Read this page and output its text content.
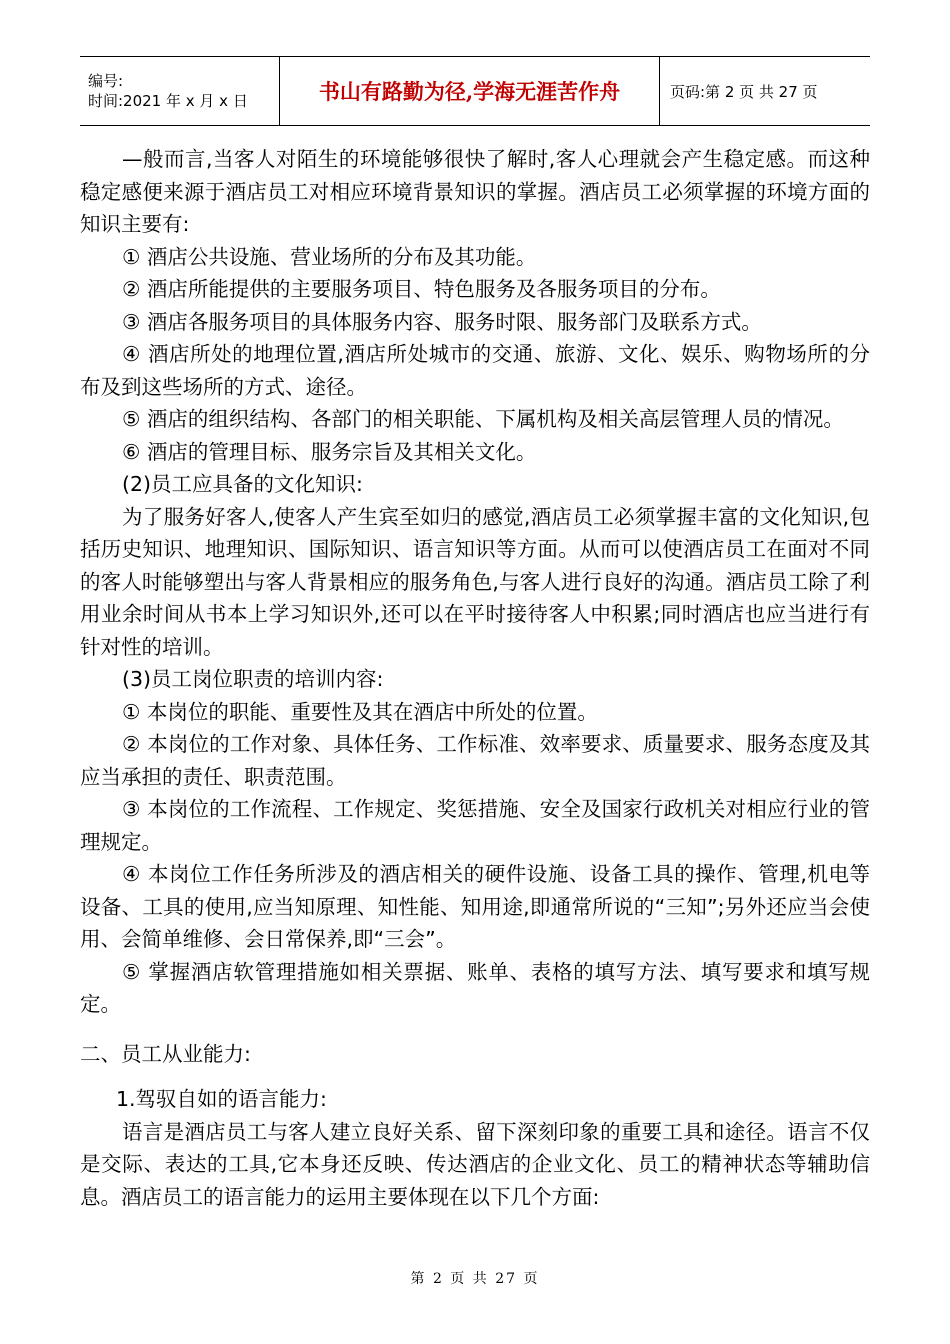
编号:
时间:2021 年 x 月 x 日	书山有路勤为径,学海无涯苦作舟	页码:第 2 页 共 27 页

—般而言,当客人对陌生的环境能够很快了解时,客人心理就会产生稳定感。而这种稳定感便来源于酒店员工对相应环境背景知识的掌握。酒店员工必须掌握的环境方面的知识主要有:

① 酒店公共设施、营业场所的分布及其功能。

② 酒店所能提供的主要服务项目、特色服务及各服务项目的分布。

③ 酒店各服务项目的具体服务内容、服务时限、服务部门及联系方式。

④ 酒店所处的地理位置,酒店所处城市的交通、旅游、文化、娱乐、购物场所的分布及到这些场所的方式、途径。

⑤ 酒店的组织结构、各部门的相关职能、下属机构及相关高层管理人员的情况。

⑥ 酒店的管理目标、服务宗旨及其相关文化。

(2)员工应具备的文化知识:

为了服务好客人,使客人产生宾至如归的感觉,酒店员工必须掌握丰富的文化知识,包括历史知识、地理知识、国际知识、语言知识等方面。从而可以使酒店员工在面对不同的客人时能够塑出与客人背景相应的服务角色,与客人进行良好的沟通。酒店员工除了利用业余时间从书本上学习知识外,还可以在平时接待客人中积累;同时酒店也应当进行有针对性的培训。

(3)员工岗位职责的培训内容:

① 本岗位的职能、重要性及其在酒店中所处的位置。

② 本岗位的工作对象、具体任务、工作标准、效率要求、质量要求、服务态度及其应当承担的责任、职责范围。

③ 本岗位的工作流程、工作规定、奖惩措施、安全及国家行政机关对相应行业的管理规定。

④ 本岗位工作任务所涉及的酒店相关的硬件设施、设备工具的操作、管理,机电等设备、工具的使用,应当知原理、知性能、知用途,即通常所说的“三知”;另外还应当会使用、会简单维修、会日常保养,即“三会”。

⑤ 掌握酒店软管理措施如相关票据、账单、表格的填写方法、填写要求和填写规定。

二、员工从业能力:

1.驾驭自如的语言能力:

语言是酒店员工与客人建立良好关系、留下深刻印象的重要工具和途径。语言不仅是交际、表达的工具,它本身还反映、传达酒店的企业文化、员工的精神状态等辅助信息。酒店员工的语言能力的运用主要体现在以下几个方面:

第 2 页 共 27 页
